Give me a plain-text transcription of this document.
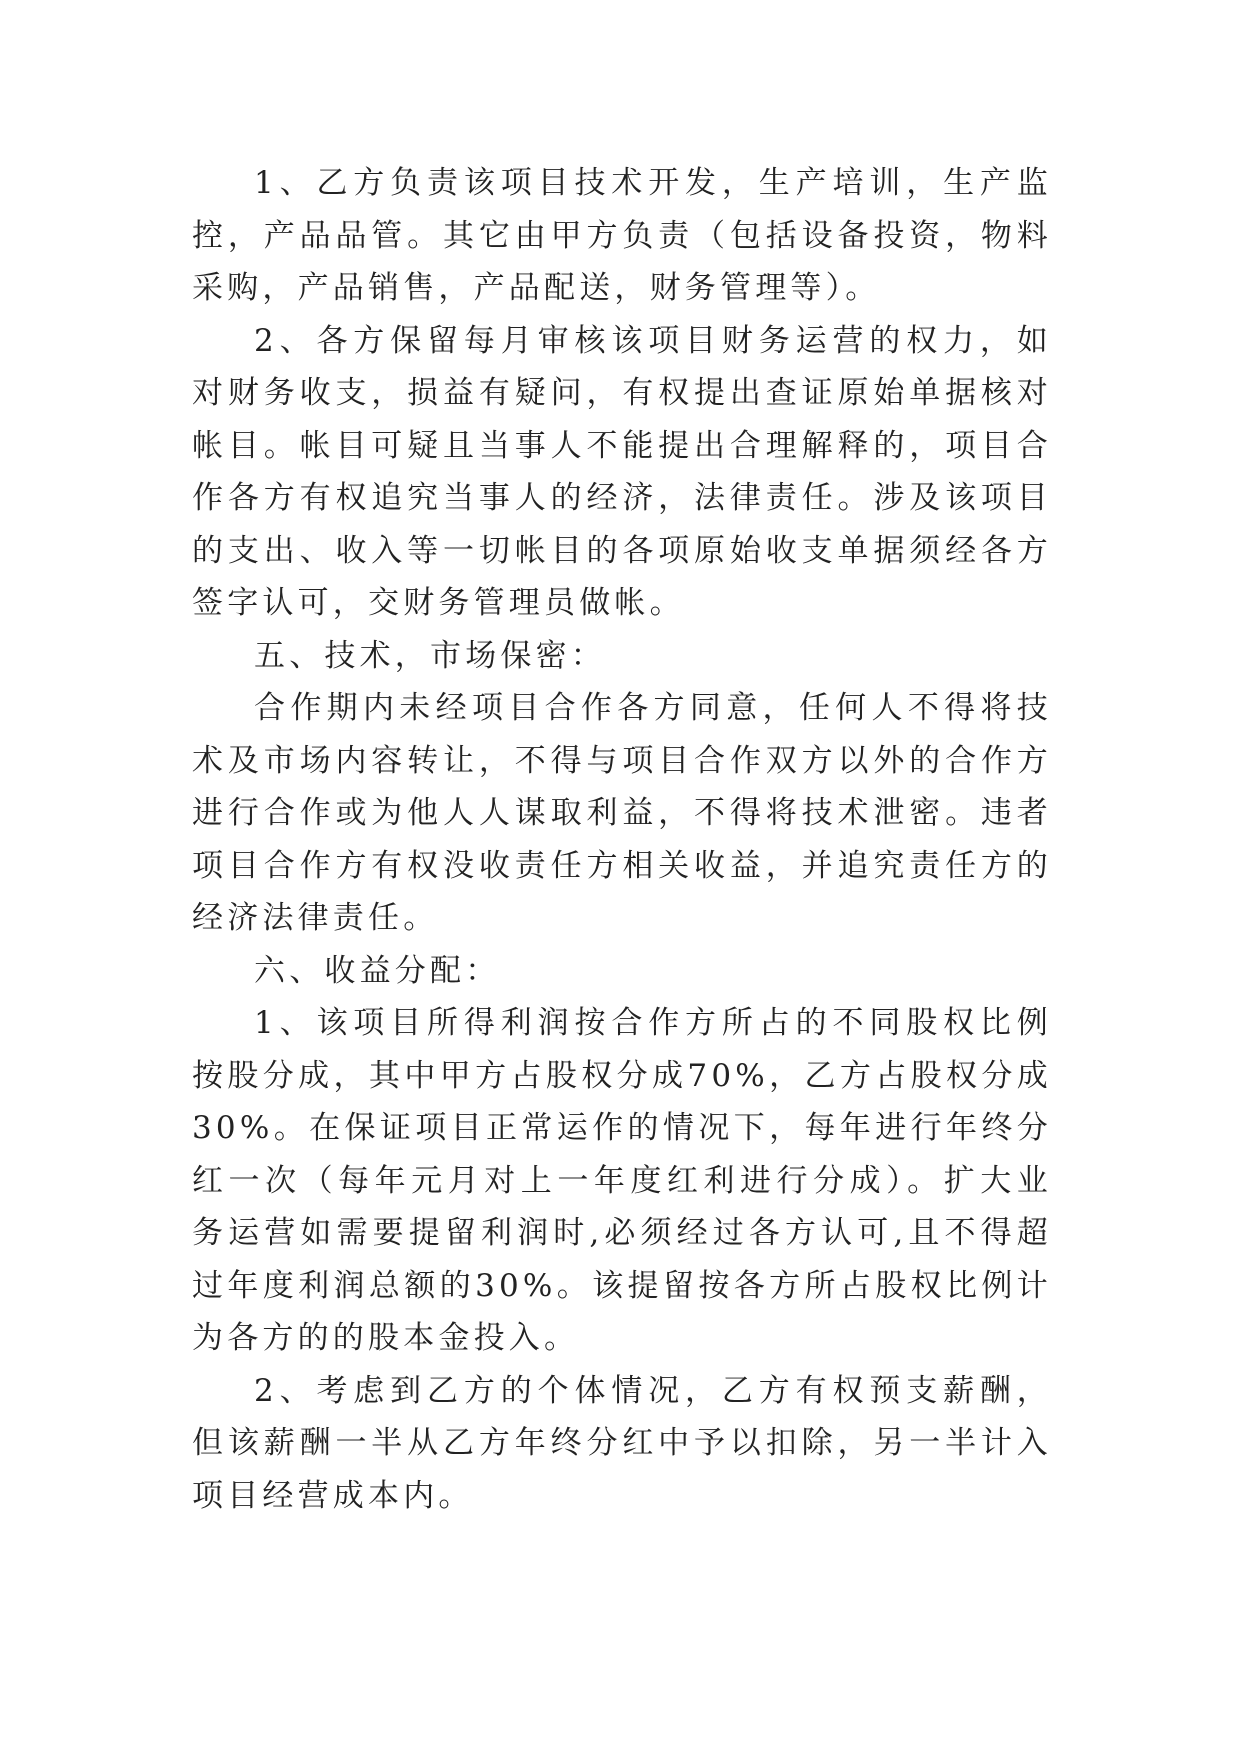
1、乙方负责该项目技术开发，生产培训，生产监控，产品品管。其它由甲方负责（包括设备投资，物料采购，产品销售，产品配送，财务管理等）。

2、各方保留每月审核该项目财务运营的权力，如对财务收支，损益有疑问，有权提出查证原始单据核对帐目。帐目可疑且当事人不能提出合理解释的，项目合作各方有权追究当事人的经济，法律责任。涉及该项目的支出、收入等一切帐目的各项原始收支单据须经各方签字认可，交财务管理员做帐。

五、技术，市场保密：

合作期内未经项目合作各方同意，任何人不得将技术及市场内容转让，不得与项目合作双方以外的合作方进行合作或为他人人谋取利益，不得将技术泄密。违者项目合作方有权没收责任方相关收益，并追究责任方的经济法律责任。

六、收益分配：

1、该项目所得利润按合作方所占的不同股权比例按股分成，其中甲方占股权分成70%，乙方占股权分成30%。在保证项目正常运作的情况下，每年进行年终分红一次（每年元月对上一年度红利进行分成）。扩大业务运营如需要提留利润时,必须经过各方认可,且不得超过年度利润总额的30%。该提留按各方所占股权比例计为各方的的股本金投入。

2、考虑到乙方的个体情况，乙方有权预支薪酬，但该薪酬一半从乙方年终分红中予以扣除，另一半计入项目经营成本内。
